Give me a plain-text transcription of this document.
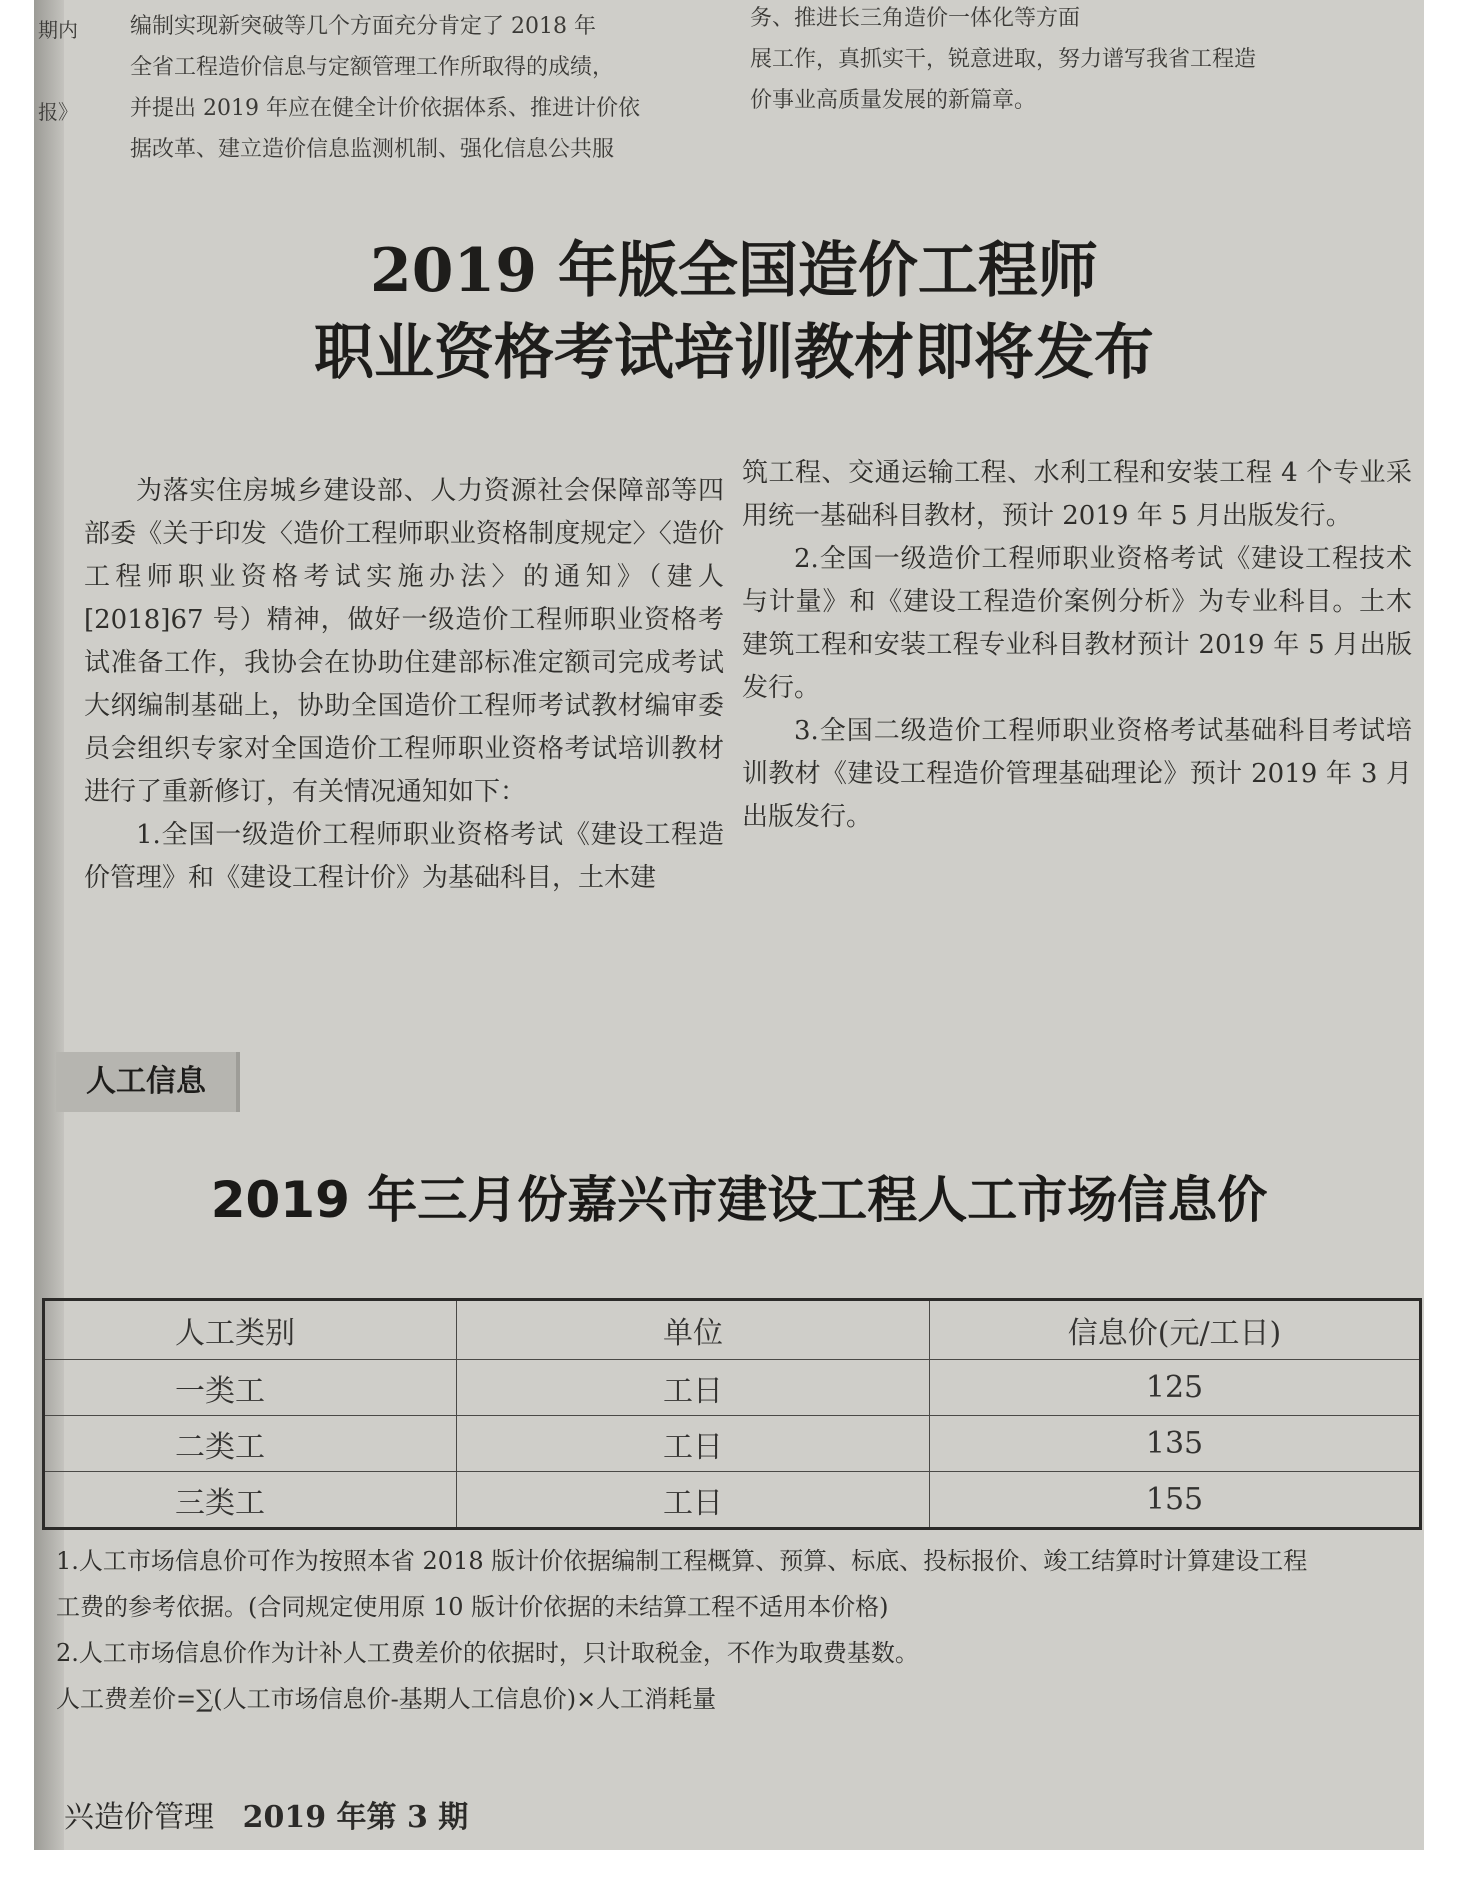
期内
报》
编制实现新突破等几个方面充分肯定了 2018 年
全省工程造价信息与定额管理工作所取得的成绩，
并提出 2019 年应在健全计价依据体系、推进计价依
据改革、建立造价信息监测机制、强化信息公共服
务、推进长三角造价一体化等方面
展工作，真抓实干，锐意进取，努力谱写我省工程造
价事业高质量发展的新篇章。
2019 年版全国造价工程师
职业资格考试培训教材即将发布

为落实住房城乡建设部、人力资源社会保障部等四部委《关于印发〈造价工程师职业资格制度规定〉〈造价工程师职业资格考试实施办法〉的通知》（建人[2018]67 号）精神，做好一级造价工程师职业资格考试准备工作，我协会在协助住建部标准定额司完成考试大纲编制基础上，协助全国造价工程师考试教材编审委员会组织专家对全国造价工程师职业资格考试培训教材进行了重新修订，有关情况通知如下：

1.全国一级造价工程师职业资格考试《建设工程造价管理》和《建设工程计价》为基础科目，土木建

筑工程、交通运输工程、水利工程和安装工程 4 个专业采用统一基础科目教材，预计 2019 年 5 月出版发行。

2.全国一级造价工程师职业资格考试《建设工程技术与计量》和《建设工程造价案例分析》为专业科目。土木建筑工程和安装工程专业科目教材预计 2019 年 5 月出版发行。

3.全国二级造价工程师职业资格考试基础科目考试培训教材《建设工程造价管理基础理论》预计 2019 年 3 月出版发行。

人工信息
2019 年三月份嘉兴市建设工程人工市场信息价
人工类别	单位	信息价(元/工日)
一类工	工日	125
二类工	工日	135
三类工	工日	155

1.人工市场信息价可作为按照本省 2018 版计价依据编制工程概算、预算、标底、投标报价、竣工结算时计算建设工程

工费的参考依据。(合同规定使用原 10 版计价依据的未结算工程不适用本价格)

2.人工市场信息价作为计补人工费差价的依据时，只计取税金，不作为取费基数。

人工费差价=∑(人工市场信息价-基期人工信息价)×人工消耗量

兴造价管理 2019 年第 3 期
